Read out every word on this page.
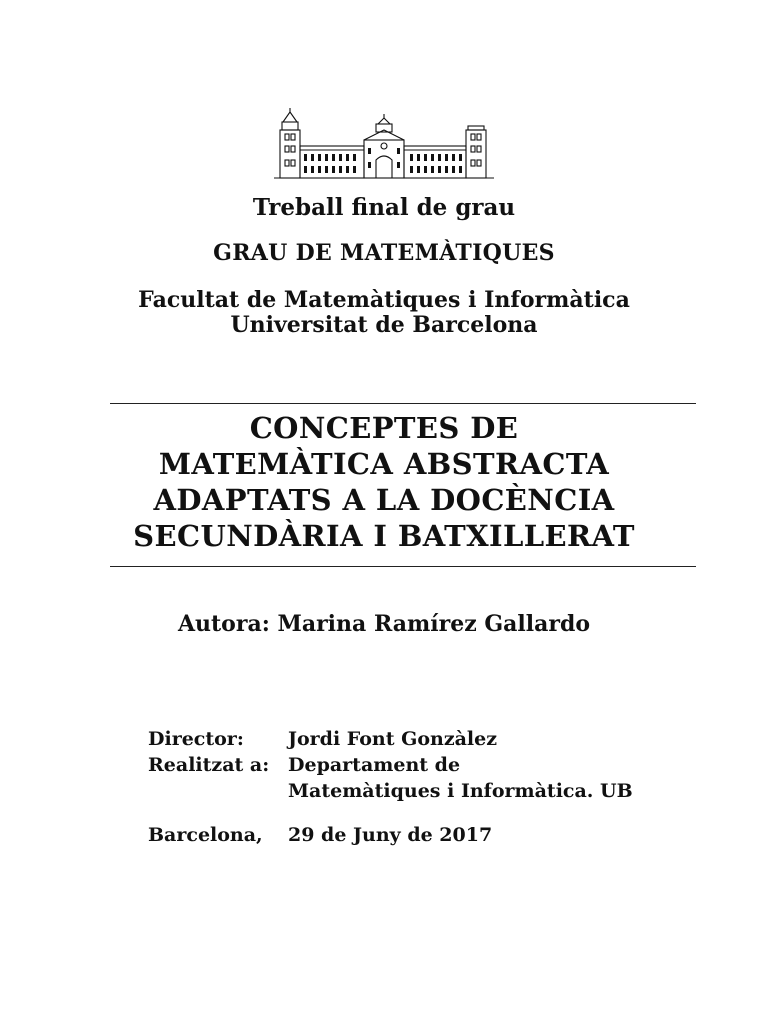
Treball final de grau
GRAU DE MATEMÀTIQUES
Facultat de Matemàtiques i Informàtica
Universitat de Barcelona
CONCEPTES DE
MATEMÀTICA ABSTRACTA
ADAPTATS A LA DOCÈNCIA
SECUNDÀRIA I BATXILLERAT
Autora: Marina Ramírez Gallardo
Director:	Jordi Font Gonzàlez
Realitzat a: Departament de
Matemàtiques i Informàtica. UB
Barcelona,	29 de Juny de 2017
